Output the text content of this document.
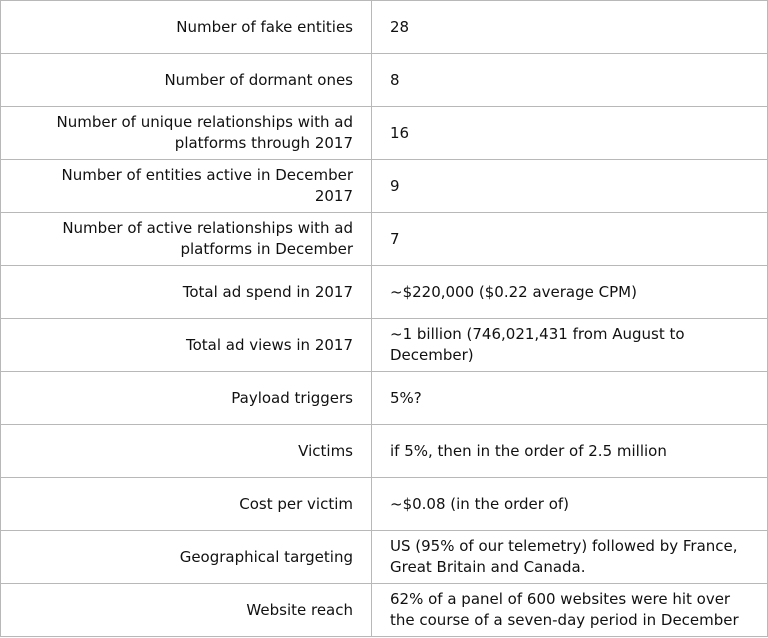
Number of fake entities	28
Number of dormant ones	8
Number of unique relationships with ad platforms through 2017	16
Number of entities active in December 2017	9
Number of active relationships with ad platforms in December	7
Total ad spend in 2017	~$220,000 ($0.22 average CPM)
Total ad views in 2017	~1 billion (746,021,431 from August to December)
Payload triggers	5%?
Victims	if 5%, then in the order of 2.5 million
Cost per victim	~$0.08 (in the order of)
Geographical targeting	US (95% of our telemetry) followed by France, Great Britain and Canada.
Website reach	62% of a panel of 600 websites were hit over the course of a seven-day period in December
